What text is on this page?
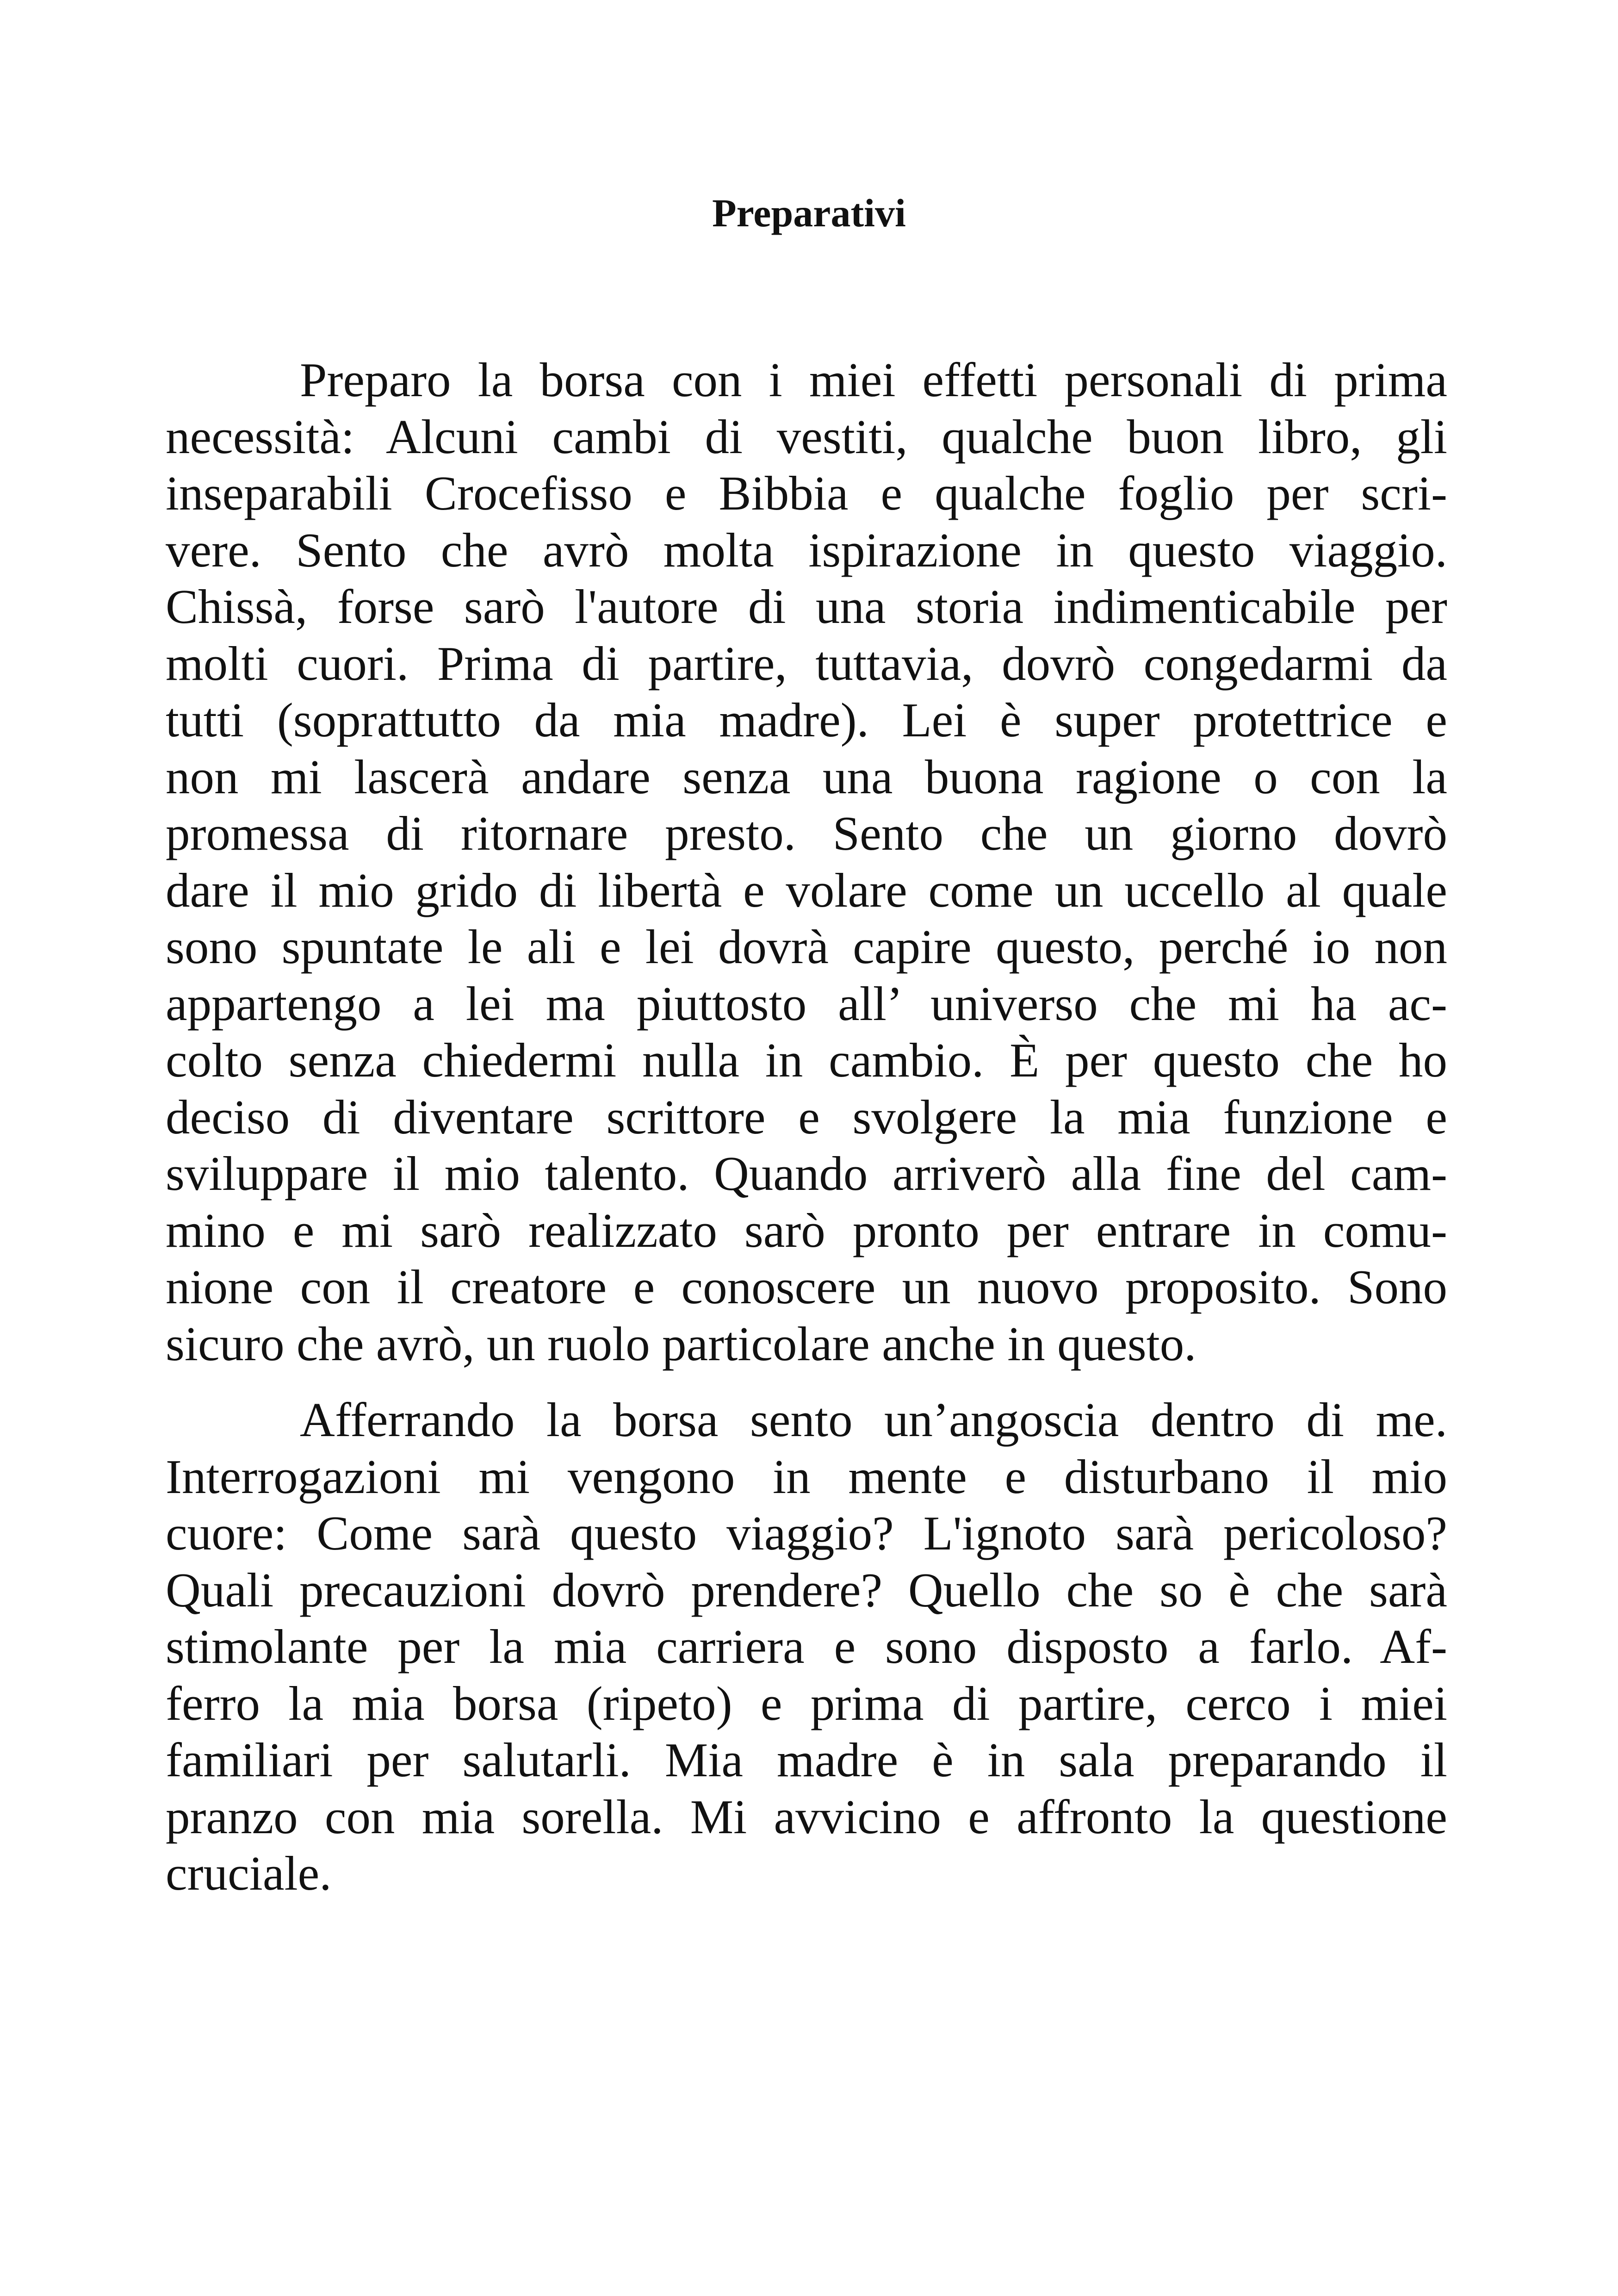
Preparativi

Preparo la borsa con i miei effetti personali di prima
necessità: Alcuni cambi di vestiti, qualche buon libro, gli
inseparabili Crocefisso e Bibbia e qualche foglio per scri-
vere. Sento che avrò molta ispirazione in questo viaggio.
Chissà, forse sarò l'autore di una storia indimenticabile per
molti cuori. Prima di partire, tuttavia, dovrò congedarmi da
tutti (soprattutto da mia madre). Lei è super protettrice e
non mi lascerà andare senza una buona ragione o con la
promessa di ritornare presto. Sento che un giorno dovrò
dare il mio grido di libertà e volare come un uccello al quale
sono spuntate le ali e lei dovrà capire questo, perché io non
appartengo a lei ma piuttosto all’ universo che mi ha ac-
colto senza chiedermi nulla in cambio. È per questo che ho
deciso di diventare scrittore e svolgere la mia funzione e
sviluppare il mio talento. Quando arriverò alla fine del cam-
mino e mi sarò realizzato sarò pronto per entrare in comu-
nione con il creatore e conoscere un nuovo proposito. Sono
sicuro che avrò, un ruolo particolare anche in questo.

Afferrando la borsa sento un’angoscia dentro di me.
Interrogazioni mi vengono in mente e disturbano il mio
cuore: Come sarà questo viaggio? L'ignoto sarà pericoloso?
Quali precauzioni dovrò prendere? Quello che so è che sarà
stimolante per la mia carriera e sono disposto a farlo. Af-
ferro la mia borsa (ripeto) e prima di partire, cerco i miei
familiari per salutarli. Mia madre è in sala preparando il
pranzo con mia sorella. Mi avvicino e affronto la questione
cruciale.
